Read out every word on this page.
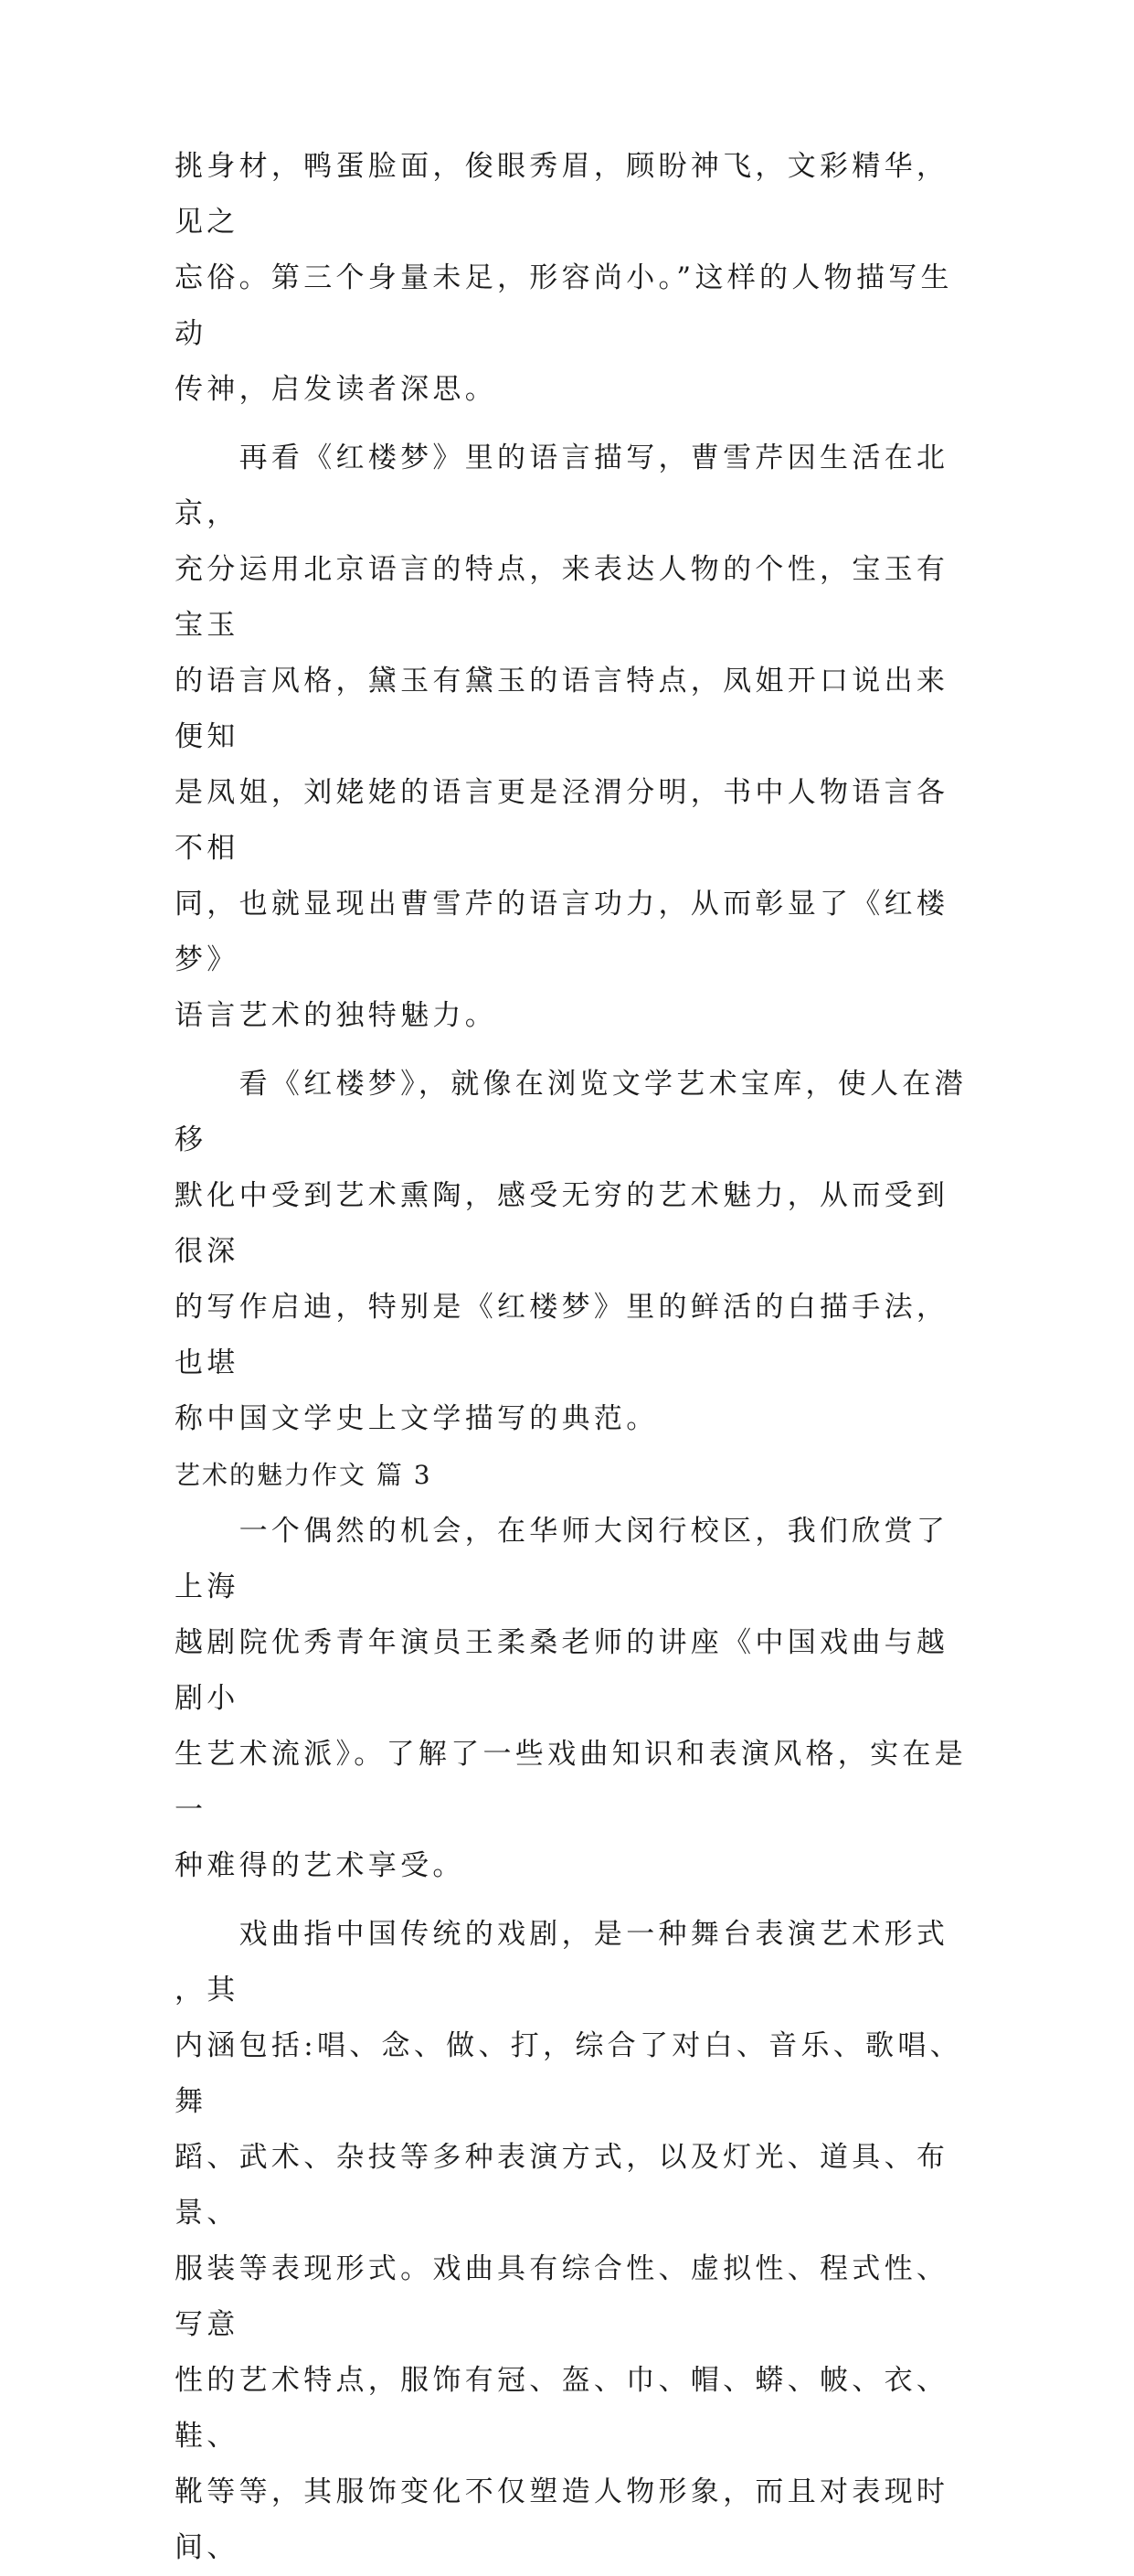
挑身材，鸭蛋脸面，俊眼秀眉，顾盼神飞，文彩精华，见之
忘俗。第三个身量未足，形容尚小。”这样的人物描写生动
传神，启发读者深思。

　　再看《红楼梦》里的语言描写，曹雪芹因生活在北京，
充分运用北京语言的特点，来表达人物的个性，宝玉有宝玉
的语言风格，黛玉有黛玉的语言特点，凤姐开口说出来便知
是凤姐，刘姥姥的语言更是泾渭分明，书中人物语言各不相
同，也就显现出曹雪芹的语言功力，从而彰显了《红楼梦》
语言艺术的独特魅力。

　　看《红楼梦》，就像在浏览文学艺术宝库，使人在潜移
默化中受到艺术熏陶，感受无穷的艺术魅力，从而受到很深
的写作启迪，特别是《红楼梦》里的鲜活的白描手法，也堪
称中国文学史上文学描写的典范。

艺术的魅力作文 篇 3

　　一个偶然的机会，在华师大闵行校区，我们欣赏了上海
越剧院优秀青年演员王柔桑老师的讲座《中国戏曲与越剧小
生艺术流派》。了解了一些戏曲知识和表演风格，实在是一
种难得的艺术享受。

　　戏曲指中国传统的戏剧，是一种舞台表演艺术形式，其
内涵包括:唱、念、做、打，综合了对白、音乐、歌唱、舞
蹈、武术、杂技等多种表演方式，以及灯光、道具、布景、
服装等表现形式。戏曲具有综合性、虚拟性、程式性、写意
性的艺术特点，服饰有冠、盔、巾、帽、蟒、帔、衣、鞋、
靴等等，其服饰变化不仅塑造人物形象，而且对表现时间、
